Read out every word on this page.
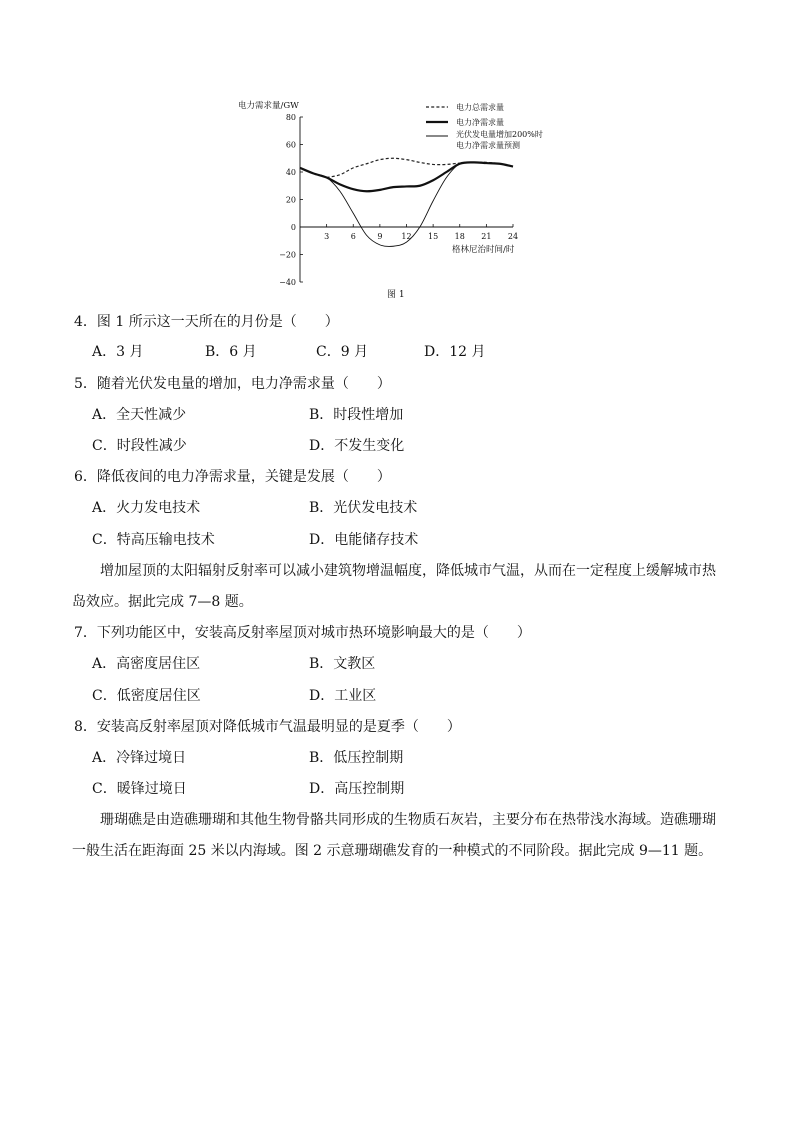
80
60
40
20
0
−20
−40
3	6	9 12 15 18 21 24
电力总需求量
电力净需求量
光伏发电量增加200%时
电力净需求量预测
电力需求量/GW
格林尼治时间/时
图 1
4．图 1 所示这一天所在的月份是（　　）
A．3 月	B．6 月	C．9 月	D．12 月
5．随着光伏发电量的增加，电力净需求量（　　）
A．全天性减少	B．时段性增加
C．时段性减少	D．不发生变化
6．降低夜间的电力净需求量，关键是发展（　　）
A．火力发电技术	B．光伏发电技术
C．特高压输电技术	D．电能储存技术
增加屋顶的太阳辐射反射率可以减小建筑物增温幅度，降低城市气温，从而在一定程度上缓解城市热
岛效应。据此完成 7—8 题。
7．下列功能区中，安装高反射率屋顶对城市热环境影响最大的是（　　）
A．高密度居住区	B．文教区
C．低密度居住区	D．工业区
8．安装高反射率屋顶对降低城市气温最明显的是夏季（　　）
A．冷锋过境日	B．低压控制期
C．暖锋过境日	D．高压控制期
珊瑚礁是由造礁珊瑚和其他生物骨骼共同形成的生物质石灰岩，主要分布在热带浅水海域。造礁珊瑚
一般生活在距海面 25 米以内海域。图 2 示意珊瑚礁发育的一种模式的不同阶段。据此完成 9—11 题。
